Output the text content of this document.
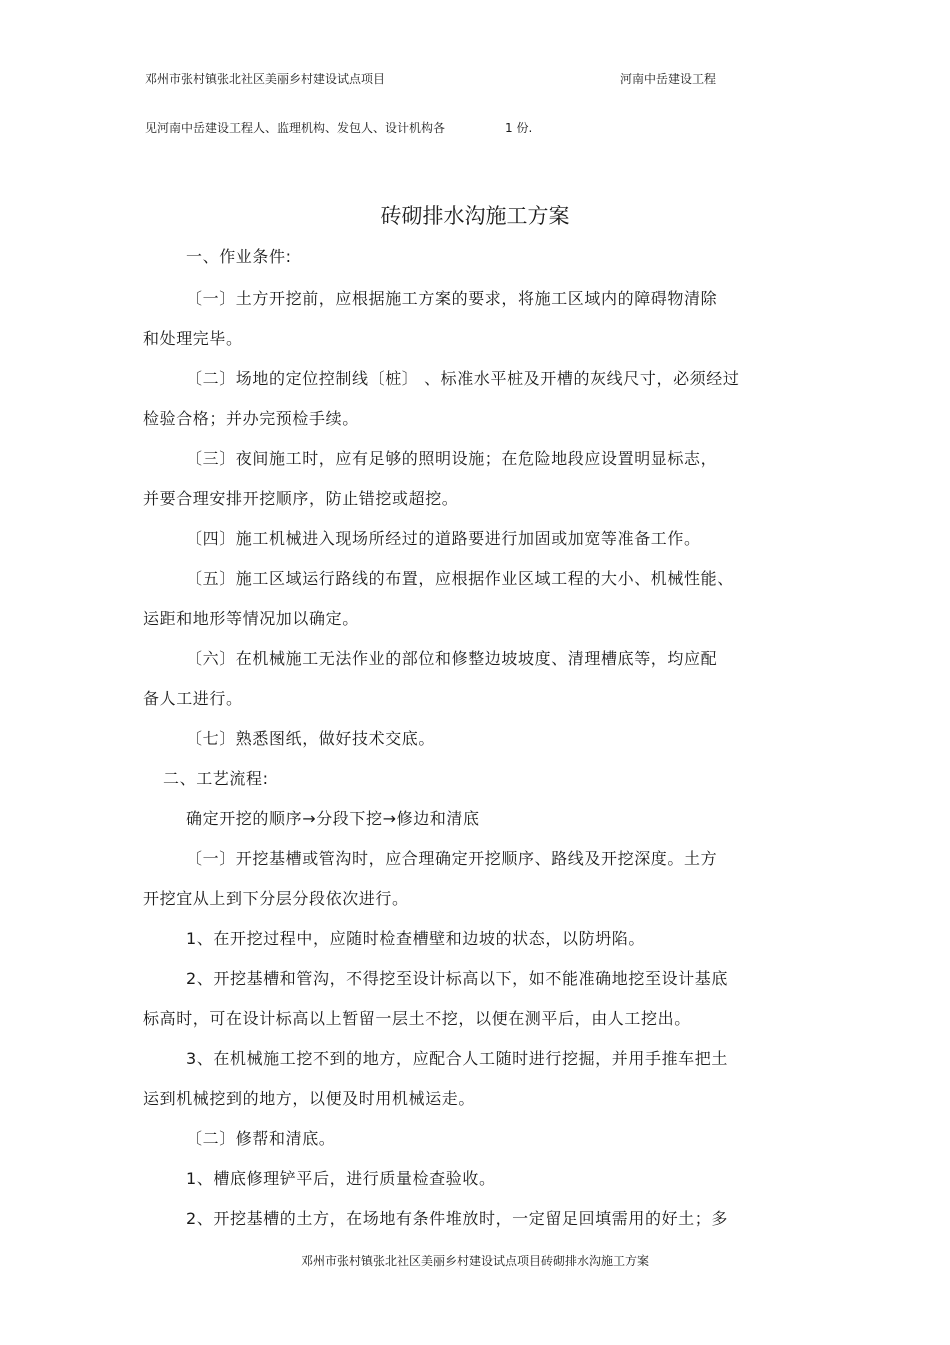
邓州市张村镇张北社区美丽乡村建设试点项目	河南中岳建设工程
见河南中岳建设工程人、监理机构、发包人、设计机构各	1 份.
砖砌排水沟施工方案
一、作业条件:
〔一〕土方开挖前，应根据施工方案的要求，将施工区域内的障碍物清除
和处理完毕。
〔二〕场地的定位控制线〔桩〕 、标准水平桩及开槽的灰线尺寸，必须经过
检验合格；并办完预检手续。
〔三〕夜间施工时，应有足够的照明设施；在危险地段应设置明显标志，
并要合理安排开挖顺序，防止错挖或超挖。
〔四〕施工机械进入现场所经过的道路要进行加固或加宽等准备工作。
〔五〕施工区域运行路线的布置，应根据作业区域工程的大小、机械性能、
运距和地形等情况加以确定。
〔六〕在机械施工无法作业的部位和修整边坡坡度、清理槽底等，均应配
备人工进行。
〔七〕熟悉图纸，做好技术交底。
二、工艺流程:
确定开挖的顺序→分段下挖→修边和清底
〔一〕开挖基槽或管沟时，应合理确定开挖顺序、路线及开挖深度。土方
开挖宜从上到下分层分段依次进行。
1、在开挖过程中，应随时检查槽壁和边坡的状态，以防坍陷。
2、开挖基槽和管沟，不得挖至设计标高以下，如不能准确地挖至设计基底
标高时，可在设计标高以上暂留一层土不挖，以便在测平后，由人工挖出。
3、在机械施工挖不到的地方，应配合人工随时进行挖掘，并用手推车把土
运到机械挖到的地方，以便及时用机械运走。
〔二〕修帮和清底。
1、槽底修理铲平后，进行质量检查验收。
2、开挖基槽的土方，在场地有条件堆放时，一定留足回填需用的好土；多
邓州市张村镇张北社区美丽乡村建设试点项目砖砌排水沟施工方案
